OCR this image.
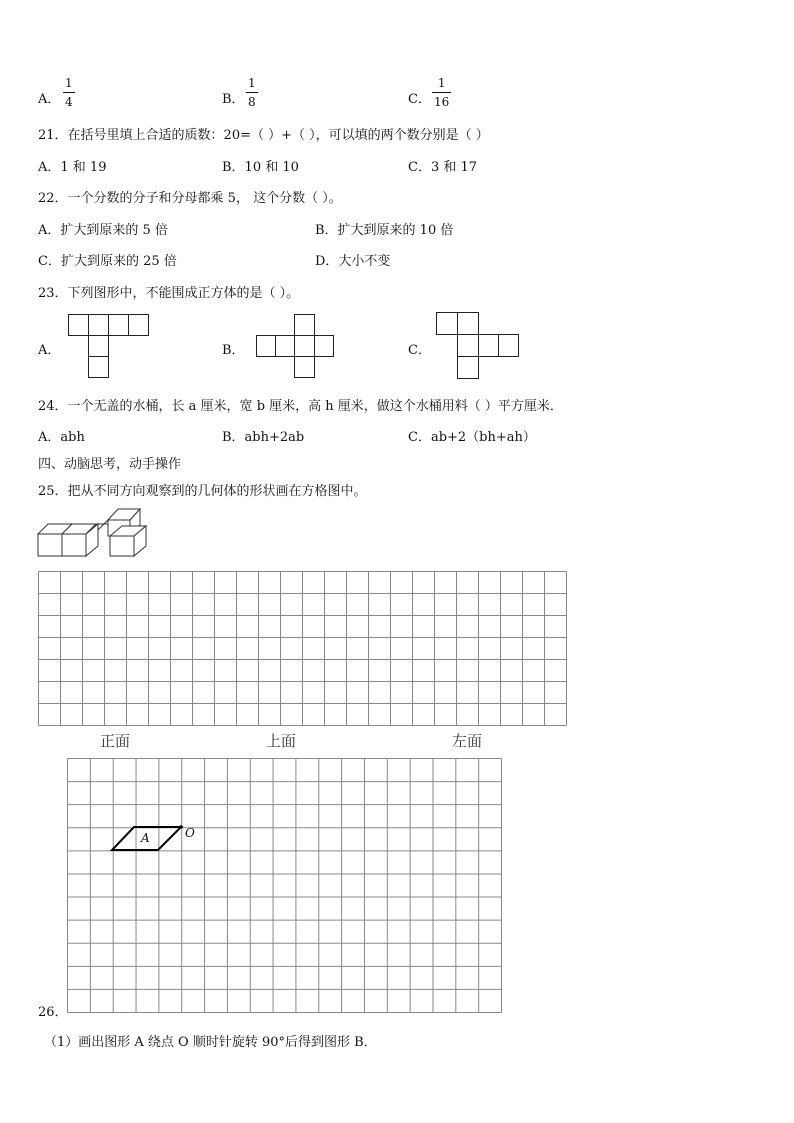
A．
1
4	B．
1
8	C．
1
16
21．在括号里填上合适的质数：20=（ ）+（ ），可以填的两个数分别是（ ）
A．1 和 19	B．10 和 10	C．3 和 17
22．一个分数的分子和分母都乘 5， 这个分数（ ）。
A．扩大到原来的 5 倍	B．扩大到原来的 10 倍
C．扩大到原来的 25 倍	D．大小不变
23．下列图形中，不能围成正方体的是（ ）。
A．	B．	C．
24．一个无盖的水桶，长 a 厘米，宽 b 厘米，高 h 厘米，做这个水桶用料（ ）平方厘米．
A．abh	B．abh+2ab	C．ab+2（bh+ah）
四、动脑思考，动手操作
25．把从不同方向观察到的几何体的形状画在方格图中。
正面	上面	左面
A	O
26．
（1）画出图形 A 绕点 O 顺时针旋转 90°后得到图形 B．
